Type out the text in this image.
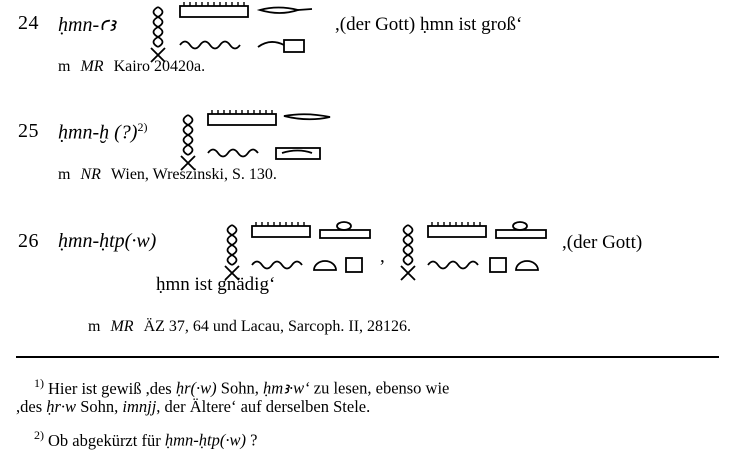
24 ḥmn-ꜥꜣ	,(der Gott) ḥmn ist groß‘
m MR Kairo 20420a.
25 ḥmn-ḫ (?)$^{2)}$
m NR Wien, Wreszinski, S. 130.
26 ḥmn-ḥtp(·w)
,
,(der Gott)
ḥmn ist gnädig‘
m MR ÄZ 37, 64 und Lacau, Sarcoph. II, 28126.
$^{1)}$ Hier ist gewiß ,des ḥr(·w) Sohn, ḥmꜣ·w‘ zu lesen, ebenso wie
,des ḥr·w Sohn, imnjj, der Ältere‘ auf derselben Stele.
$^{2)}$ Ob abgekürzt für ḥmn-ḥtp(·w) ?
